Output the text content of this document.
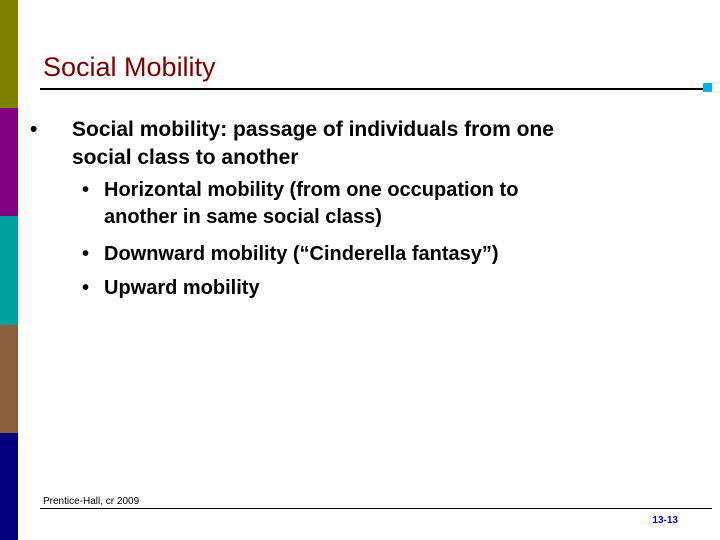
Social Mobility
• Social mobility: passage of individuals from one
social class to another
• Horizontal mobility (from one occupation to
another in same social class)
• Downward mobility (“Cinderella fantasy”)
• Upward mobility
Prentice-Hall, cr 2009
13-13
